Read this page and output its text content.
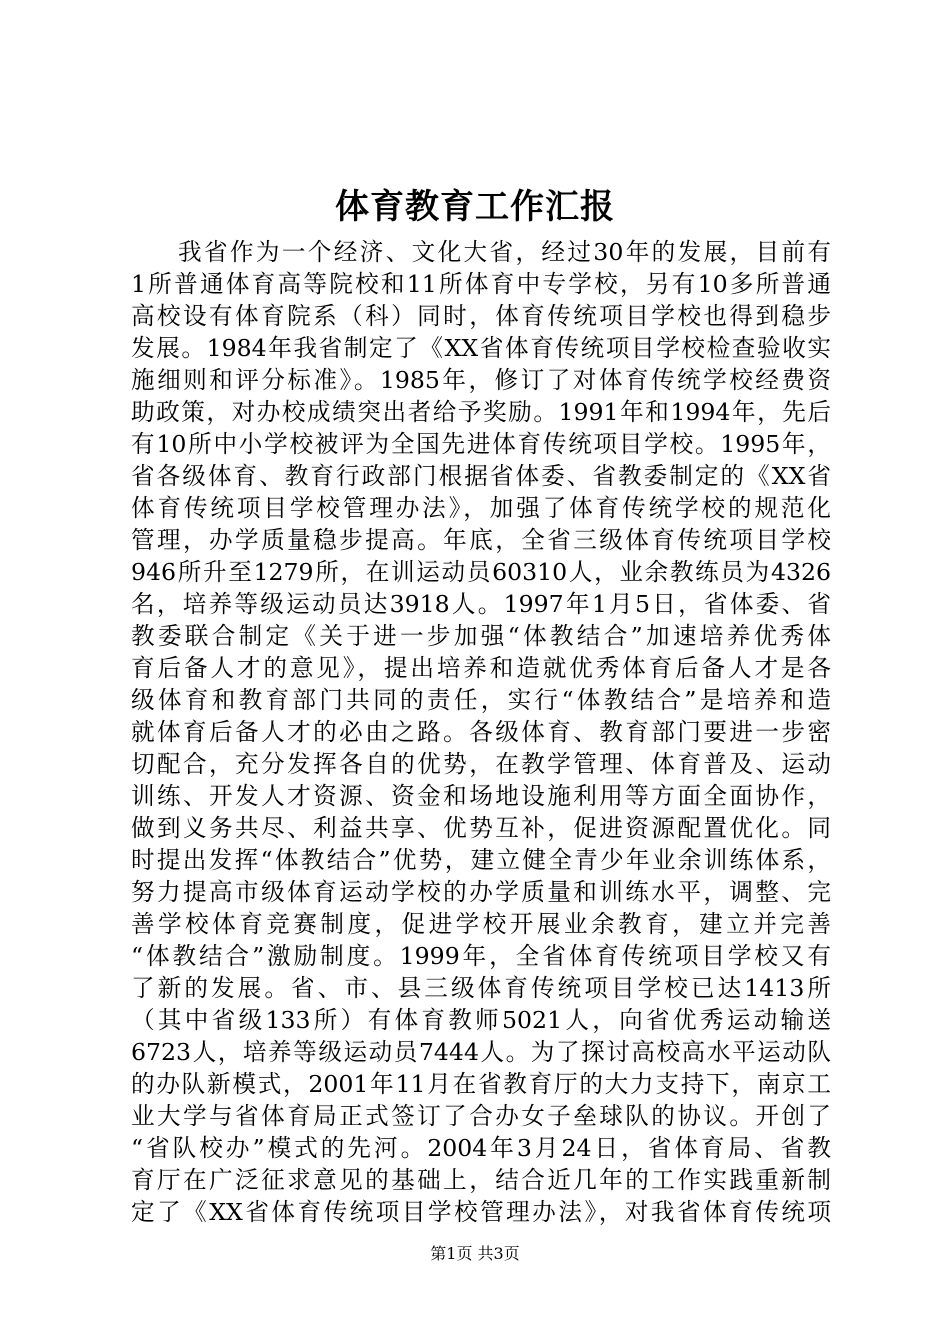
体育教育工作汇报
我省作为一个经济、文化大省，经过30年的发展，目前有
1所普通体育高等院校和11所体育中专学校，另有10多所普通
高校设有体育院系（科）同时，体育传统项目学校也得到稳步
发展。1984年我省制定了《XX省体育传统项目学校检查验收实
施细则和评分标准》。1985年，修订了对体育传统学校经费资
助政策，对办校成绩突出者给予奖励。1991年和1994年，先后
有10所中小学校被评为全国先进体育传统项目学校。1995年，
省各级体育、教育行政部门根据省体委、省教委制定的《XX省
体育传统项目学校管理办法》，加强了体育传统学校的规范化
管理，办学质量稳步提高。年底，全省三级体育传统项目学校
946所升至1279所，在训运动员60310人，业余教练员为4326
名，培养等级运动员达3918人。1997年1月5日，省体委、省
教委联合制定《关于进一步加强“体教结合”加速培养优秀体
育后备人才的意见》，提出培养和造就优秀体育后备人才是各
级体育和教育部门共同的责任，实行“体教结合”是培养和造
就体育后备人才的必由之路。各级体育、教育部门要进一步密
切配合，充分发挥各自的优势，在教学管理、体育普及、运动
训练、开发人才资源、资金和场地设施利用等方面全面协作，
做到义务共尽、利益共享、优势互补，促进资源配置优化。同
时提出发挥“体教结合”优势，建立健全青少年业余训练体系，
努力提高市级体育运动学校的办学质量和训练水平，调整、完
善学校体育竞赛制度，促进学校开展业余教育，建立并完善
“体教结合”激励制度。1999年，全省体育传统项目学校又有
了新的发展。省、市、县三级体育传统项目学校已达1413所
（其中省级133所）有体育教师5021人，向省优秀运动输送
6723人，培养等级运动员7444人。为了探讨高校高水平运动队
的办队新模式，2001年11月在省教育厅的大力支持下，南京工
业大学与省体育局正式签订了合办女子垒球队的协议。开创了
“省队校办”模式的先河。2004年3月24日，省体育局、省教
育厅在广泛征求意见的基础上，结合近几年的工作实践重新制
定了《XX省体育传统项目学校管理办法》，对我省体育传统项
第1页 共3页
